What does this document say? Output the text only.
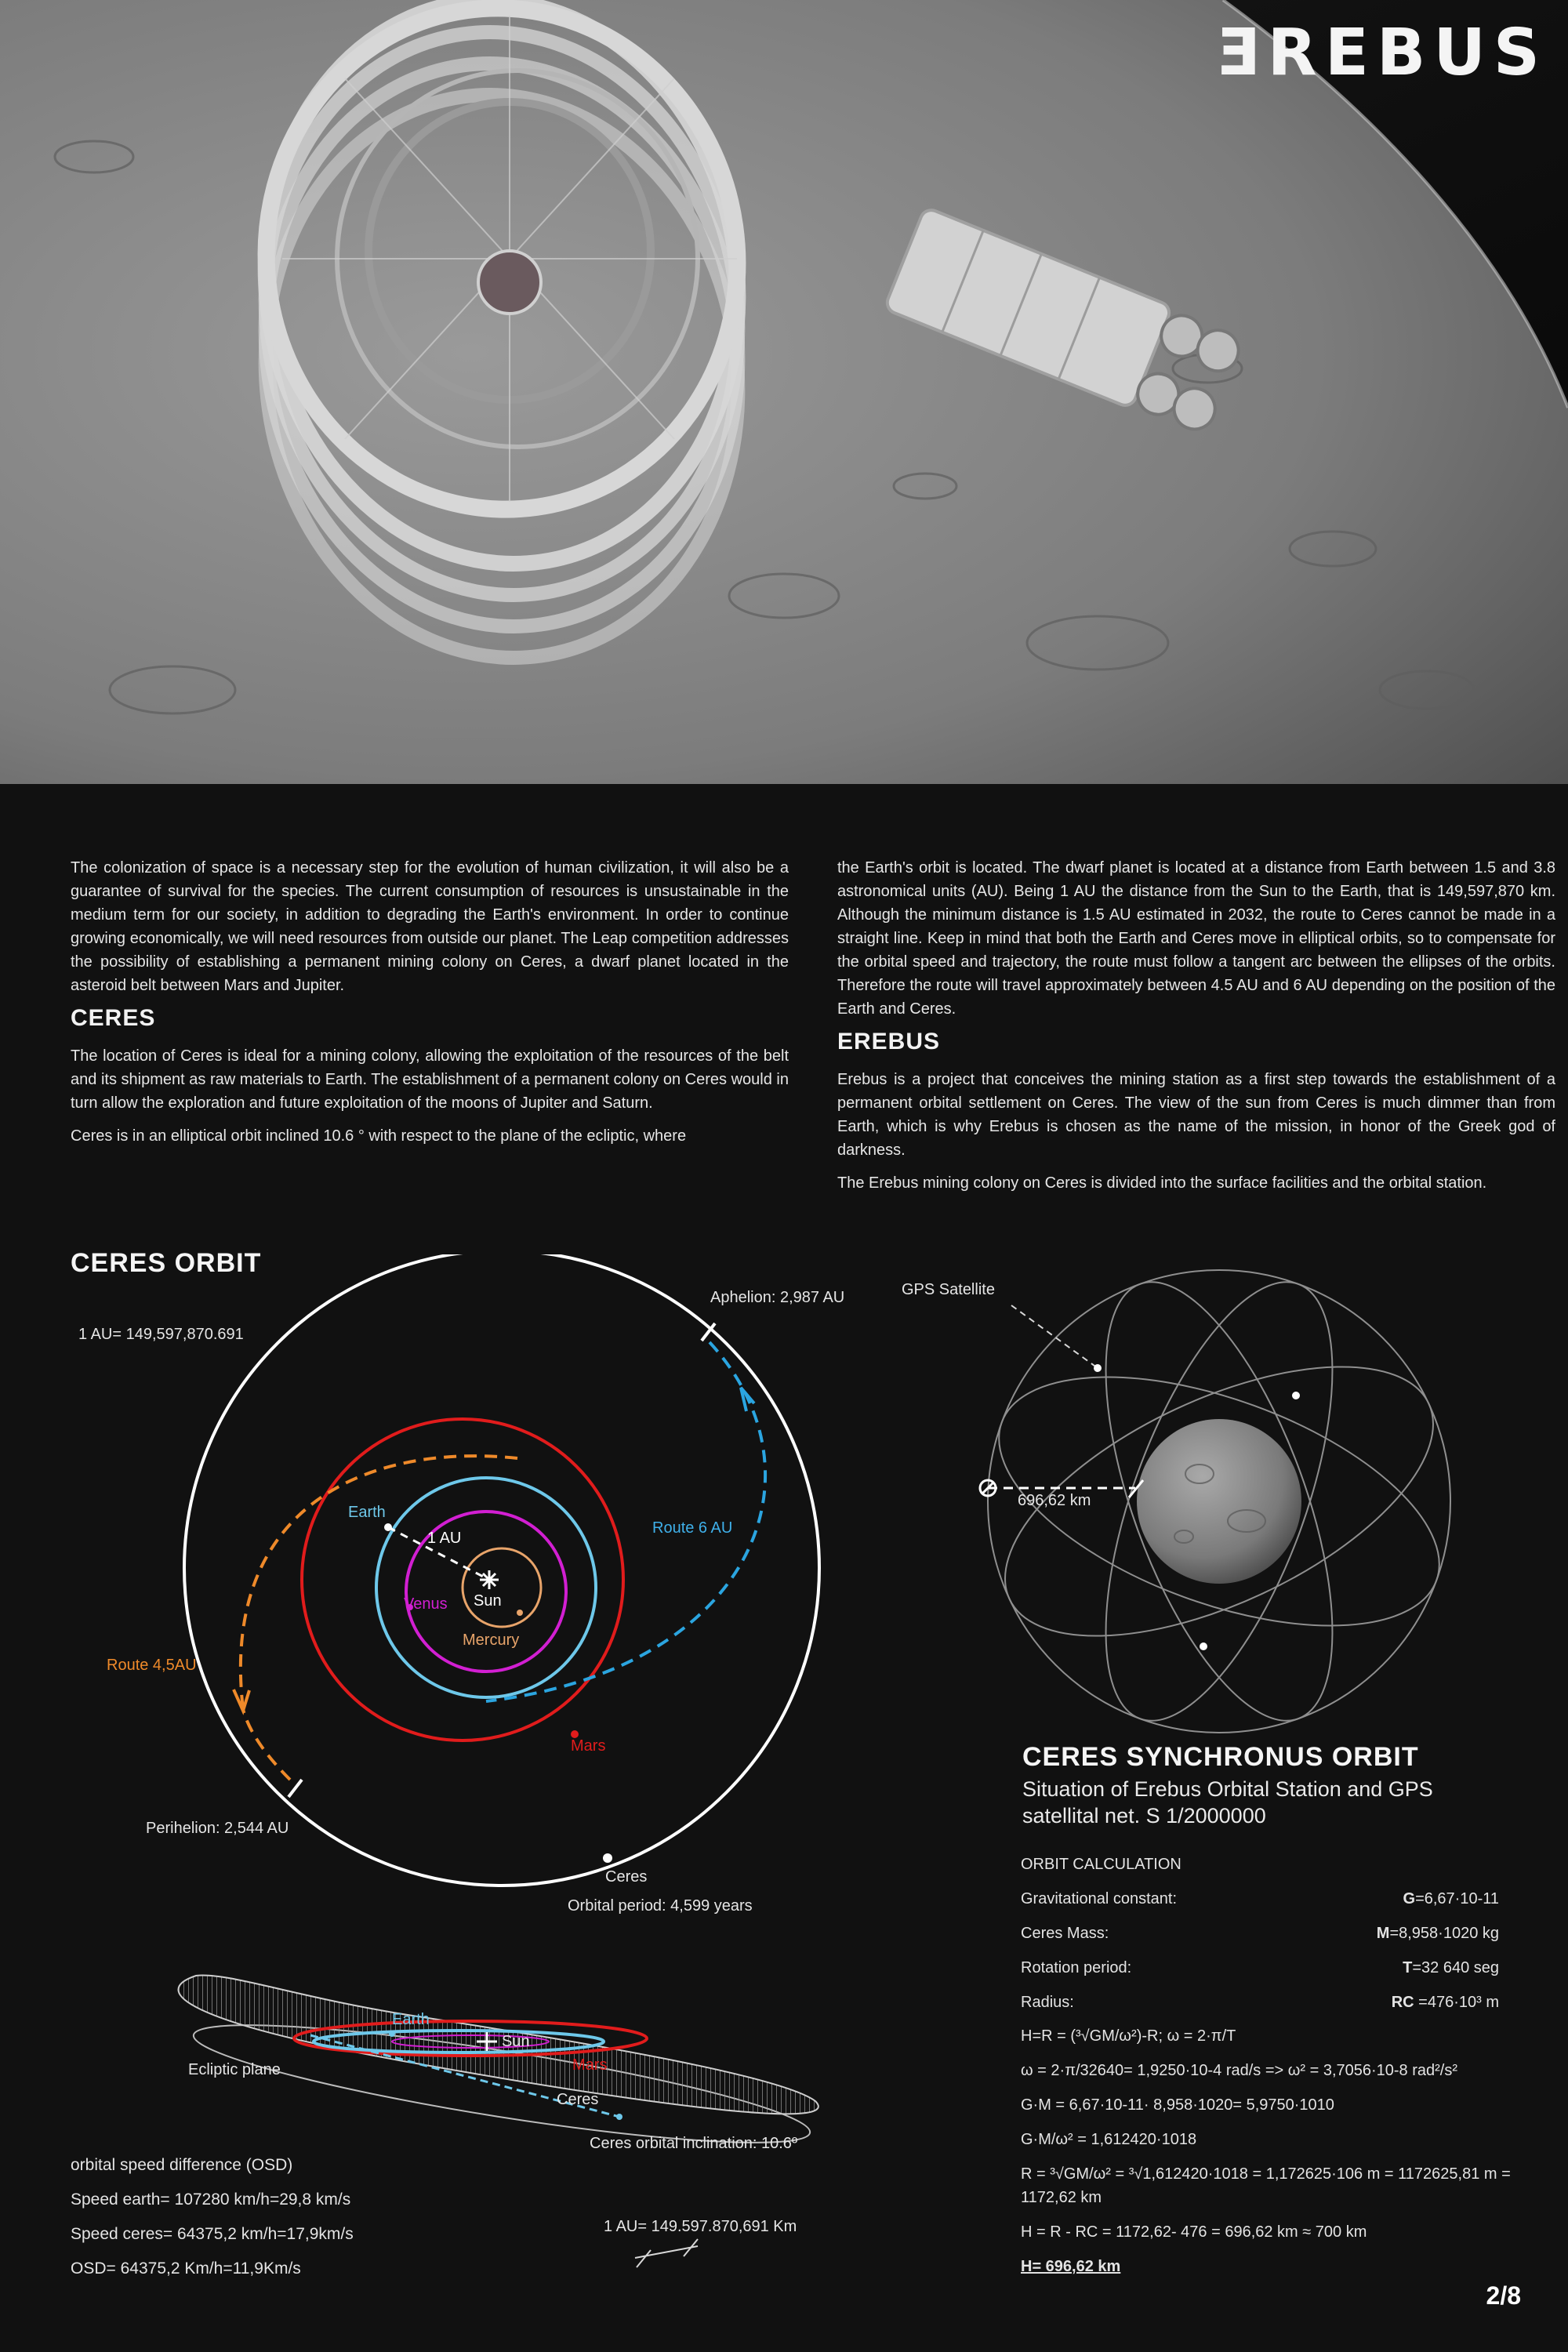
ƎREBUS

The colonization of space is a necessary step for the evolution of human civilization, it will also be a guarantee of survival for the species. The current consumption of resources is unsustainable in the medium term for our society, in addition to degrading the Earth's environment. In order to continue growing economically, we will need resources from outside our planet. The Leap competition addresses the possibility of establishing a permanent mining colony on Ceres, a dwarf planet located in the asteroid belt between Mars and Jupiter.

CERES

The location of Ceres is ideal for a mining colony, allowing the exploitation of the resources of the belt and its shipment as raw materials to Earth. The establishment of a permanent colony on Ceres would in turn allow the exploration and future exploitation of the moons of Jupiter and Saturn.

Ceres is in an elliptical orbit inclined 10.6 ° with respect to the plane of the ecliptic, where

the Earth's orbit is located. The dwarf planet is located at a distance from Earth between 1.5 and 3.8 astronomical units (AU). Being 1 AU the distance from the Sun to the Earth, that is 149,597,870 km. Although the minimum distance is 1.5 AU estimated in 2032, the route to Ceres cannot be made in a straight line. Keep in mind that both the Earth and Ceres move in elliptical orbits, so to compensate for the orbital speed and trajectory, the route must follow a tangent arc between the ellipses of the orbits. Therefore the route will travel approximately between 4.5 AU and 6 AU depending on the position of the Earth and Ceres.

EREBUS

Erebus is a project that conceives the mining station as a first step towards the establishment of a permanent orbital settlement on Ceres. The view of the sun from Ceres is much dimmer than from Earth, which is why Erebus is chosen as the name of the mission, in honor of the Greek god of darkness.

The Erebus mining colony on Ceres is divided into the surface facilities and the orbital station.

CERES ORBIT
1 AU= 149,597,870.691
Aphelion: 2,987 AU
Route 6 AU
Route 4,5AU
Earth
1 AU
Venus Sun
Mercury
Mars
Perihelion: 2,544 AU
Ceres
Orbital period: 4,599 years
Earth
Sun
Mars
Ecliptic plane
Ceres
Ceres orbital inclination: 10.6º
1 AU= 149.597.870,691 Km
orbital speed difference (OSD)
Speed earth= 107280 km/h=29,8 km/s
Speed ceres= 64375,2 km/h=17,9km/s
OSD= 64375,2 Km/h=11,9Km/s
GPS Satellite
696,62 km
CERES SYNCHRONUS ORBIT
Situation of Erebus Orbital Station and GPS
satellital net. S 1/2000000
ORBIT CALCULATION
Gravitational constant:	G=6,67·10-11
Ceres Mass:	M=8,958·1020 kg
Rotation period:	T=32 640 seg
Radius:	RC =476·10³ m
H=R = (³√GM/ω²)-R; ω = 2·π/T
ω = 2·π/32640= 1,9250·10-4 rad/s => ω² = 3,7056·10-8 rad²/s²
G·M = 6,67·10-11· 8,958·1020= 5,9750·1010
G·M/ω² = 1,612420·1018
R = ³√GM/ω² = ³√1,612420·1018 = 1,172625·106 m = 1172625,81 m = 1172,62 km
H = R - RC = 1172,62- 476 = 696,62 km ≈ 700 km
H= 696,62 km
2/8
